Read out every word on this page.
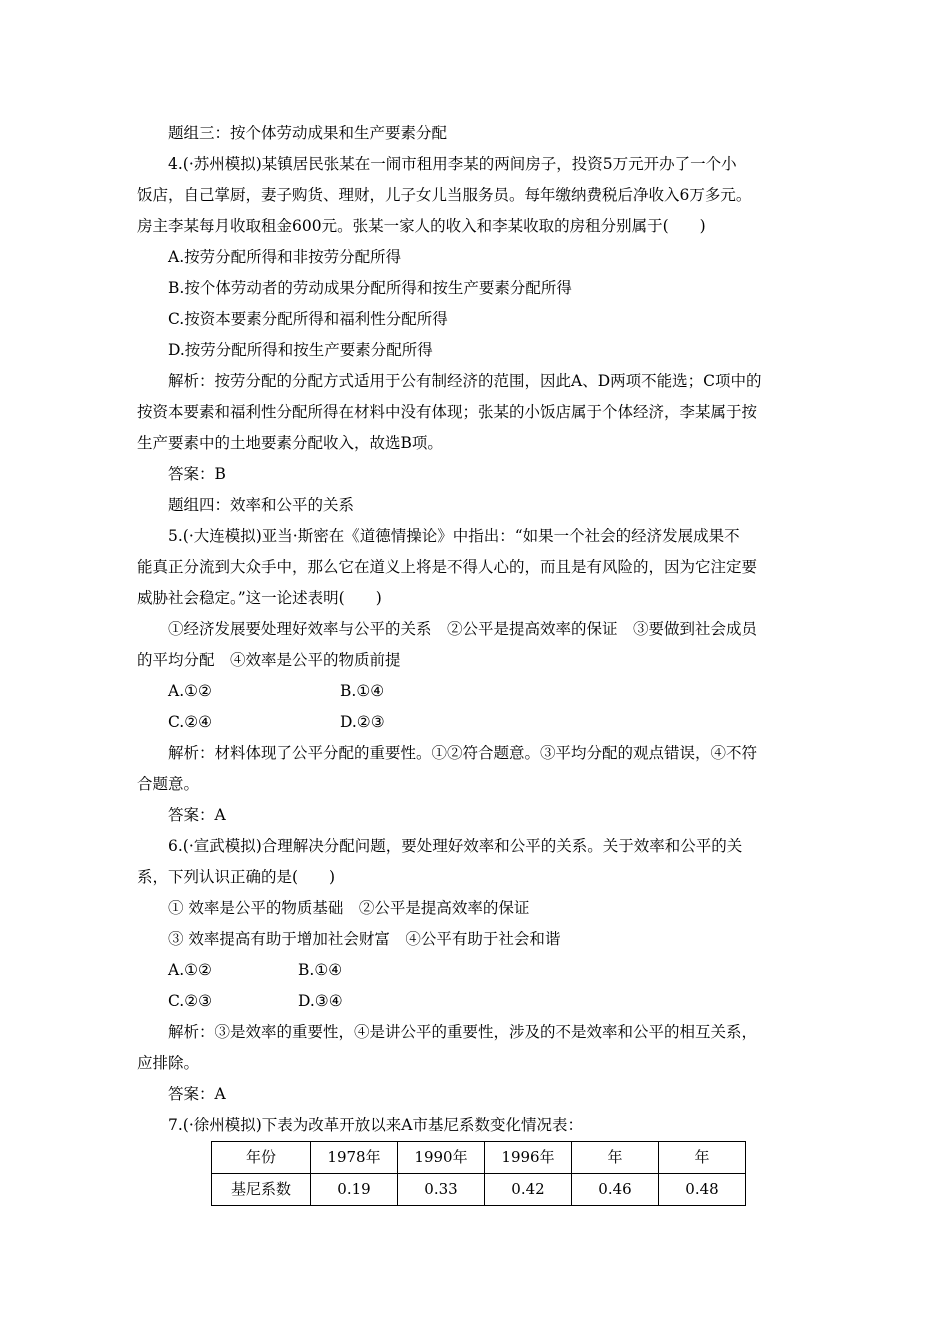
题组三：按个体劳动成果和生产要素分配
4.(·苏州模拟)某镇居民张某在一闹市租用李某的两间房子，投资5万元开办了一个小
饭店，自己掌厨，妻子购货、理财，儿子女儿当服务员。每年缴纳费税后净收入6万多元。
房主李某每月收取租金600元。张某一家人的收入和李某收取的房租分别属于(　　)
A.按劳分配所得和非按劳分配所得
B.按个体劳动者的劳动成果分配所得和按生产要素分配所得
C.按资本要素分配所得和福利性分配所得
D.按劳分配所得和按生产要素分配所得
解析：按劳分配的分配方式适用于公有制经济的范围，因此A、D两项不能选；C项中的
按资本要素和福利性分配所得在材料中没有体现；张某的小饭店属于个体经济，李某属于按
生产要素中的土地要素分配收入，故选B项。
答案：B
题组四：效率和公平的关系
5.(·大连模拟)亚当·斯密在《道德情操论》中指出：“如果一个社会的经济发展成果不
能真正分流到大众手中，那么它在道义上将是不得人心的，而且是有风险的，因为它注定要
威胁社会稳定。”这一论述表明(　　)
①经济发展要处理好效率与公平的关系　②公平是提高效率的保证　③要做到社会成员
的平均分配　④效率是公平的物质前提
A.①②	B.①④
C.②④	D.②③
解析：材料体现了公平分配的重要性。①②符合题意。③平均分配的观点错误，④不符
合题意。
答案：A
6.(·宣武模拟)合理解决分配问题，要处理好效率和公平的关系。关于效率和公平的关
系，下列认识正确的是(　　)
① 效率是公平的物质基础　②公平是提高效率的保证
③ 效率提高有助于增加社会财富　④公平有助于社会和谐
A.①②	B.①④
C.②③	D.③④
解析：③是效率的重要性，④是讲公平的重要性，涉及的不是效率和公平的相互关系，
应排除。
答案：A
7.(·徐州模拟)下表为改革开放以来A市基尼系数变化情况表：
年份	1978年	1990年	1996年	年	年
基尼系数	0.19	0.33	0.42	0.46	0.48
